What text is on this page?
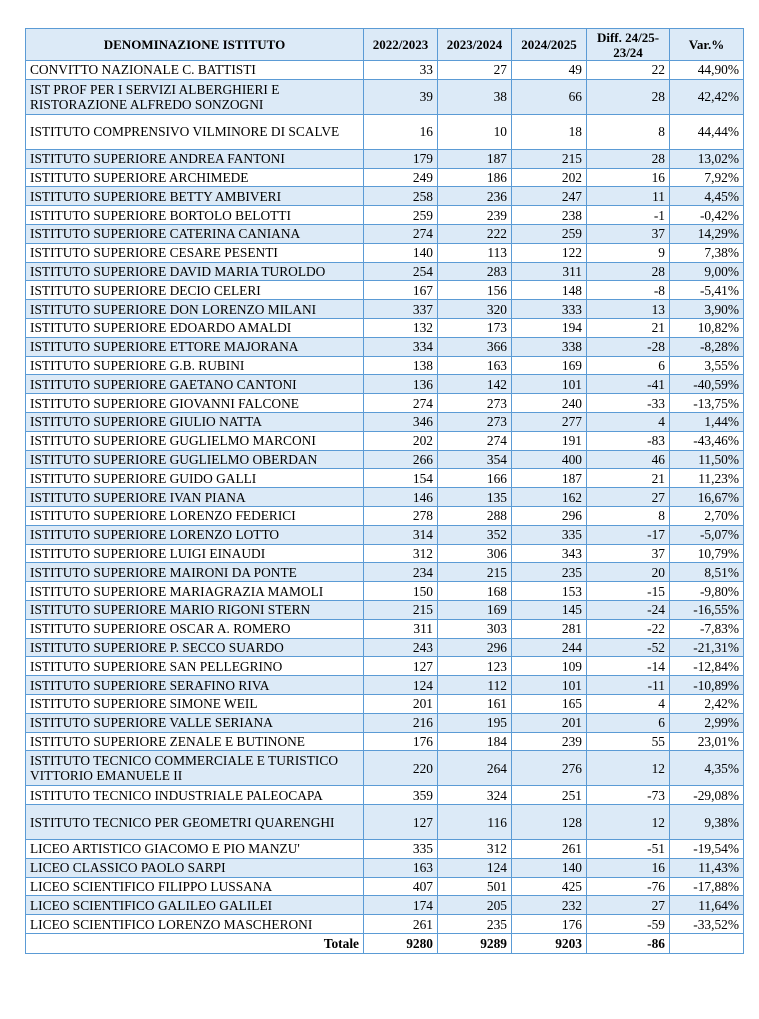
DENOMINAZIONE ISTITUTO	2022/2023	2023/2024	2024/2025	Diff. 24/25-23/24	Var.%
CONVITTO NAZIONALE C. BATTISTI	33	27	49	22	44,90%
IST PROF PER I SERVIZI ALBERGHIERI E RISTORAZIONE ALFREDO SONZOGNI	39	38	66	28	42,42%
ISTITUTO COMPRENSIVO VILMINORE DI SCALVE	16	10	18	8	44,44%
ISTITUTO SUPERIORE ANDREA FANTONI	179	187	215	28	13,02%
ISTITUTO SUPERIORE ARCHIMEDE	249	186	202	16	7,92%
ISTITUTO SUPERIORE BETTY AMBIVERI	258	236	247	11	4,45%
ISTITUTO SUPERIORE BORTOLO BELOTTI	259	239	238	-1	-0,42%
ISTITUTO SUPERIORE CATERINA CANIANA	274	222	259	37	14,29%
ISTITUTO SUPERIORE CESARE PESENTI	140	113	122	9	7,38%
ISTITUTO SUPERIORE DAVID MARIA TUROLDO	254	283	311	28	9,00%
ISTITUTO SUPERIORE DECIO CELERI	167	156	148	-8	-5,41%
ISTITUTO SUPERIORE DON LORENZO MILANI	337	320	333	13	3,90%
ISTITUTO SUPERIORE EDOARDO AMALDI	132	173	194	21	10,82%
ISTITUTO SUPERIORE ETTORE MAJORANA	334	366	338	-28	-8,28%
ISTITUTO SUPERIORE G.B. RUBINI	138	163	169	6	3,55%
ISTITUTO SUPERIORE GAETANO CANTONI	136	142	101	-41	-40,59%
ISTITUTO SUPERIORE GIOVANNI FALCONE	274	273	240	-33	-13,75%
ISTITUTO SUPERIORE GIULIO NATTA	346	273	277	4	1,44%
ISTITUTO SUPERIORE GUGLIELMO MARCONI	202	274	191	-83	-43,46%
ISTITUTO SUPERIORE GUGLIELMO OBERDAN	266	354	400	46	11,50%
ISTITUTO SUPERIORE GUIDO GALLI	154	166	187	21	11,23%
ISTITUTO SUPERIORE IVAN PIANA	146	135	162	27	16,67%
ISTITUTO SUPERIORE LORENZO FEDERICI	278	288	296	8	2,70%
ISTITUTO SUPERIORE LORENZO LOTTO	314	352	335	-17	-5,07%
ISTITUTO SUPERIORE LUIGI EINAUDI	312	306	343	37	10,79%
ISTITUTO SUPERIORE MAIRONI DA PONTE	234	215	235	20	8,51%
ISTITUTO SUPERIORE MARIAGRAZIA MAMOLI	150	168	153	-15	-9,80%
ISTITUTO SUPERIORE MARIO RIGONI STERN	215	169	145	-24	-16,55%
ISTITUTO SUPERIORE OSCAR A. ROMERO	311	303	281	-22	-7,83%
ISTITUTO SUPERIORE P. SECCO SUARDO	243	296	244	-52	-21,31%
ISTITUTO SUPERIORE SAN PELLEGRINO	127	123	109	-14	-12,84%
ISTITUTO SUPERIORE SERAFINO RIVA	124	112	101	-11	-10,89%
ISTITUTO SUPERIORE SIMONE WEIL	201	161	165	4	2,42%
ISTITUTO SUPERIORE VALLE SERIANA	216	195	201	6	2,99%
ISTITUTO SUPERIORE ZENALE E BUTINONE	176	184	239	55	23,01%
ISTITUTO TECNICO COMMERCIALE E TURISTICO VITTORIO EMANUELE II	220	264	276	12	4,35%
ISTITUTO TECNICO INDUSTRIALE PALEOCAPA	359	324	251	-73	-29,08%
ISTITUTO TECNICO PER GEOMETRI QUARENGHI	127	116	128	12	9,38%
LICEO ARTISTICO GIACOMO E PIO MANZU'	335	312	261	-51	-19,54%
LICEO CLASSICO PAOLO SARPI	163	124	140	16	11,43%
LICEO SCIENTIFICO FILIPPO LUSSANA	407	501	425	-76	-17,88%
LICEO SCIENTIFICO GALILEO GALILEI	174	205	232	27	11,64%
LICEO SCIENTIFICO LORENZO MASCHERONI	261	235	176	-59	-33,52%
Totale	9280	9289	9203	-86	
